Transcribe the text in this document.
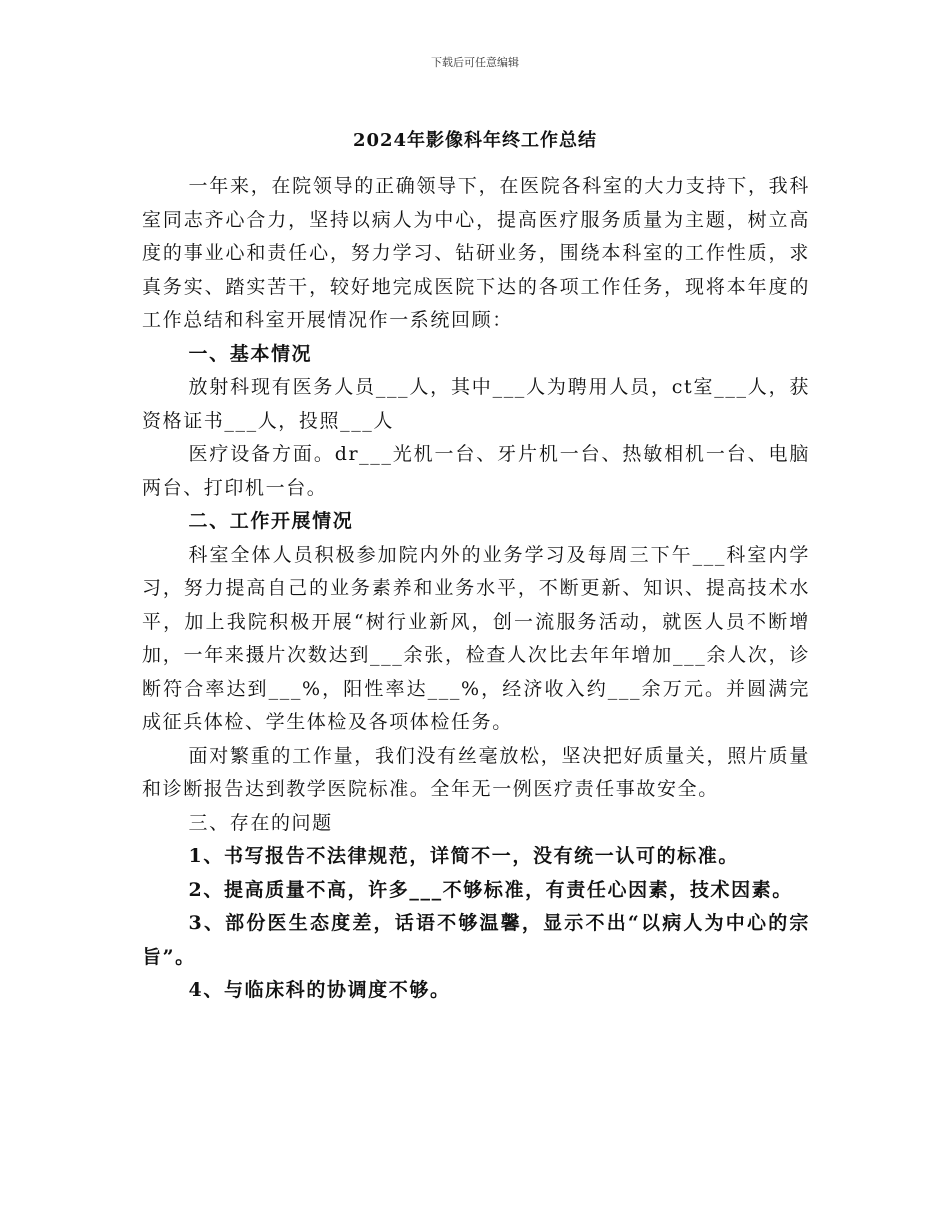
下载后可任意编辑
2024年影像科年终工作总结

一年来，在院领导的正确领导下，在医院各科室的大力支持下，我科室同志齐心合力，坚持以病人为中心，提高医疗服务质量为主题，树立高度的事业心和责任心，努力学习、钻研业务，围绕本科室的工作性质，求真务实、踏实苦干，较好地完成医院下达的各项工作任务，现将本年度的工作总结和科室开展情况作一系统回顾：

一、基本情况

放射科现有医务人员___人，其中___人为聘用人员，ct室___人，获资格证书___人，投照___人

医疗设备方面。dr___光机一台、牙片机一台、热敏相机一台、电脑两台、打印机一台。

二、工作开展情况

科室全体人员积极参加院内外的业务学习及每周三下午___科室内学习，努力提高自己的业务素养和业务水平，不断更新、知识、提高技术水平，加上我院积极开展“树行业新风，创一流服务活动，就医人员不断增加，一年来摄片次数达到___余张，检查人次比去年年增加___余人次，诊断符合率达到___%，阳性率达___%，经济收入约___余万元。并圆满完成征兵体检、学生体检及各项体检任务。

面对繁重的工作量，我们没有丝毫放松，坚决把好质量关，照片质量和诊断报告达到教学医院标准。全年无一例医疗责任事故安全。

三、存在的问题

1、书写报告不法律规范，详简不一，没有统一认可的标准。

2、提高质量不高，许多___不够标准，有责任心因素，技术因素。

3、部份医生态度差，话语不够温馨，显示不出“以病人为中心的宗旨”。

4、与临床科的协调度不够。
